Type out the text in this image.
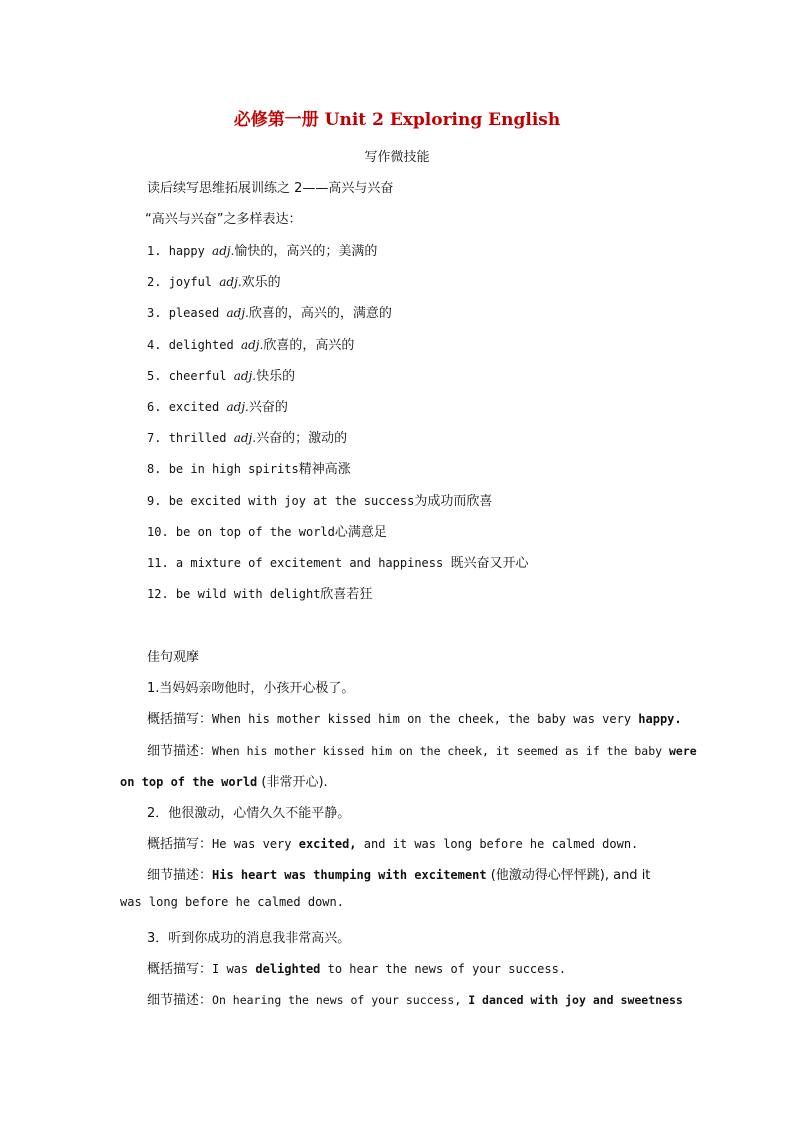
必修第一册 Unit 2 Exploring English
写作微技能
读后续写思维拓展训练之 2——高兴与兴奋
“高兴与兴奋”之多样表达：
1. happy adj.愉快的，高兴的；美满的
2. joyful adj.欢乐的
3. pleased adj.欣喜的，高兴的，满意的
4. delighted adj.欣喜的，高兴的
5. cheerful adj.快乐的
6. excited adj.兴奋的
7. thrilled adj.兴奋的；激动的
8. be in high spirits精神高涨
9. be excited with joy at the success为成功而欣喜
10. be on top of the world心满意足
11. a mixture of excitement and happiness 既兴奋又开心
12. be wild with delight欣喜若狂
佳句观摩
1.当妈妈亲吻他时，小孩开心极了。
概括描写：When his mother kissed him on the cheek, the baby was very happy.
细节描述：When his mother kissed him on the cheek, it seemed as if the baby were
on top of the world (非常开心).
2．他很激动，心情久久不能平静。
概括描写：He was very excited, and it was long before he calmed down.
细节描述：His heart was thumping with excitement (他激动得心怦怦跳), and it
was long before he calmed down.
3．听到你成功的消息我非常高兴。
概括描写：I was delighted to hear the news of your success.
细节描述：On hearing the news of your success, I danced with joy and sweetness
